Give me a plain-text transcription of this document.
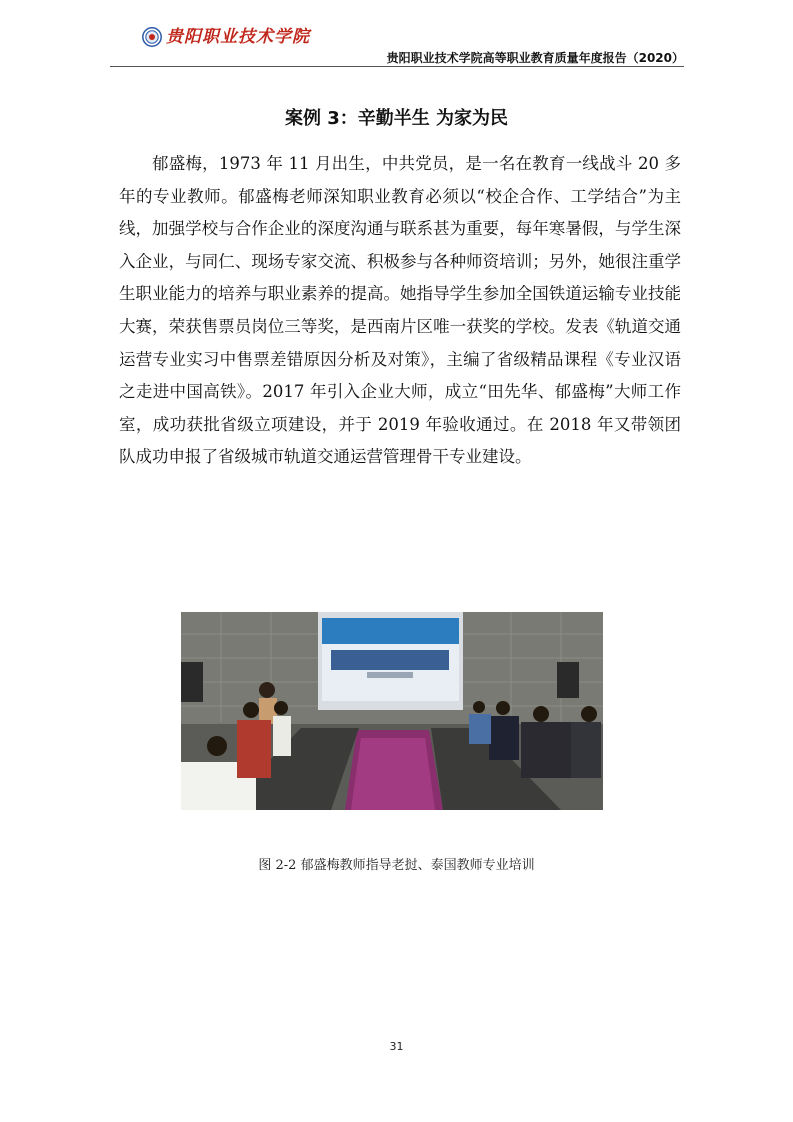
贵阳职业技术学院
贵阳职业技术学院高等职业教育质量年度报告（2020）
案例 3：辛勤半生 为家为民
郁盛梅，1973 年 11 月出生，中共党员，是一名在教育一线战斗 20 多年的专业教师。郁盛梅老师深知职业教育必须以“校企合作、工学结合”为主线，加强学校与合作企业的深度沟通与联系甚为重要，每年寒暑假，与学生深入企业，与同仁、现场专家交流、积极参与各种师资培训；另外，她很注重学生职业能力的培养与职业素养的提高。她指导学生参加全国铁道运输专业技能大赛，荣获售票员岗位三等奖，是西南片区唯一获奖的学校。发表《轨道交通运营专业实习中售票差错原因分析及对策》，主编了省级精品课程《专业汉语之走进中国高铁》。2017 年引入企业大师，成立“田先华、郁盛梅”大师工作室，成功获批省级立项建设，并于 2019 年验收通过。在 2018 年又带领团队成功申报了省级城市轨道交通运营管理骨干专业建设。
图 2-2 郁盛梅教师指导老挝、泰国教师专业培训
31
